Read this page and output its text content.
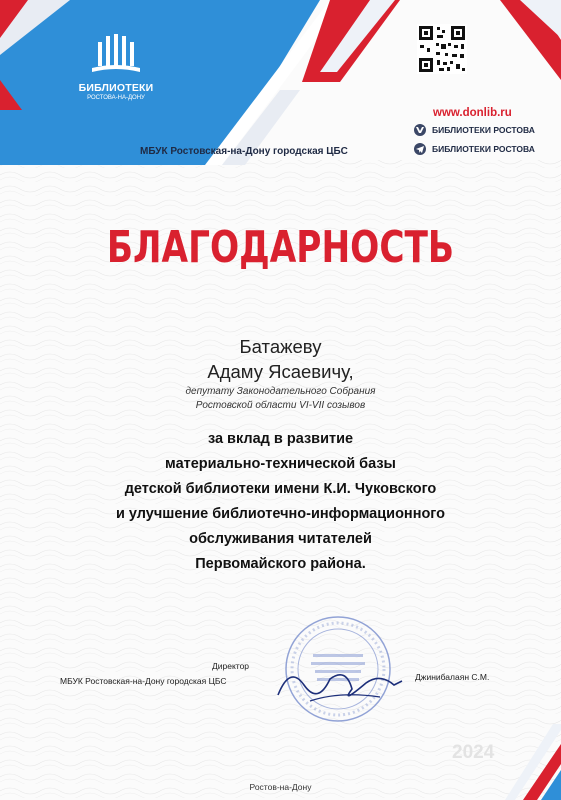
БИБЛИОТЕКИ
РОСТОВА-НА-ДОНУ
МБУК Ростовская-на-Дону городская ЦБС
www.donlib.ru
БИБЛИОТЕКИ РОСТОВА
БИБЛИОТЕКИ РОСТОВА
БЛАГОДАРНОСТЬ
Батажеву
Адаму Ясаевичу,
депутату Законодательного Собрания
Ростовской области VI-VII созывов
за вклад в развитие
материально-технической базы
детской библиотеки имени К.И. Чуковского
и улучшение библиотечно-информационного
обслуживания читателей
Первомайского района.
Директор
МБУК Ростовская-на-Дону городская ЦБС	Джинибалаян С.М.
2024
Ростов-на-Дону
